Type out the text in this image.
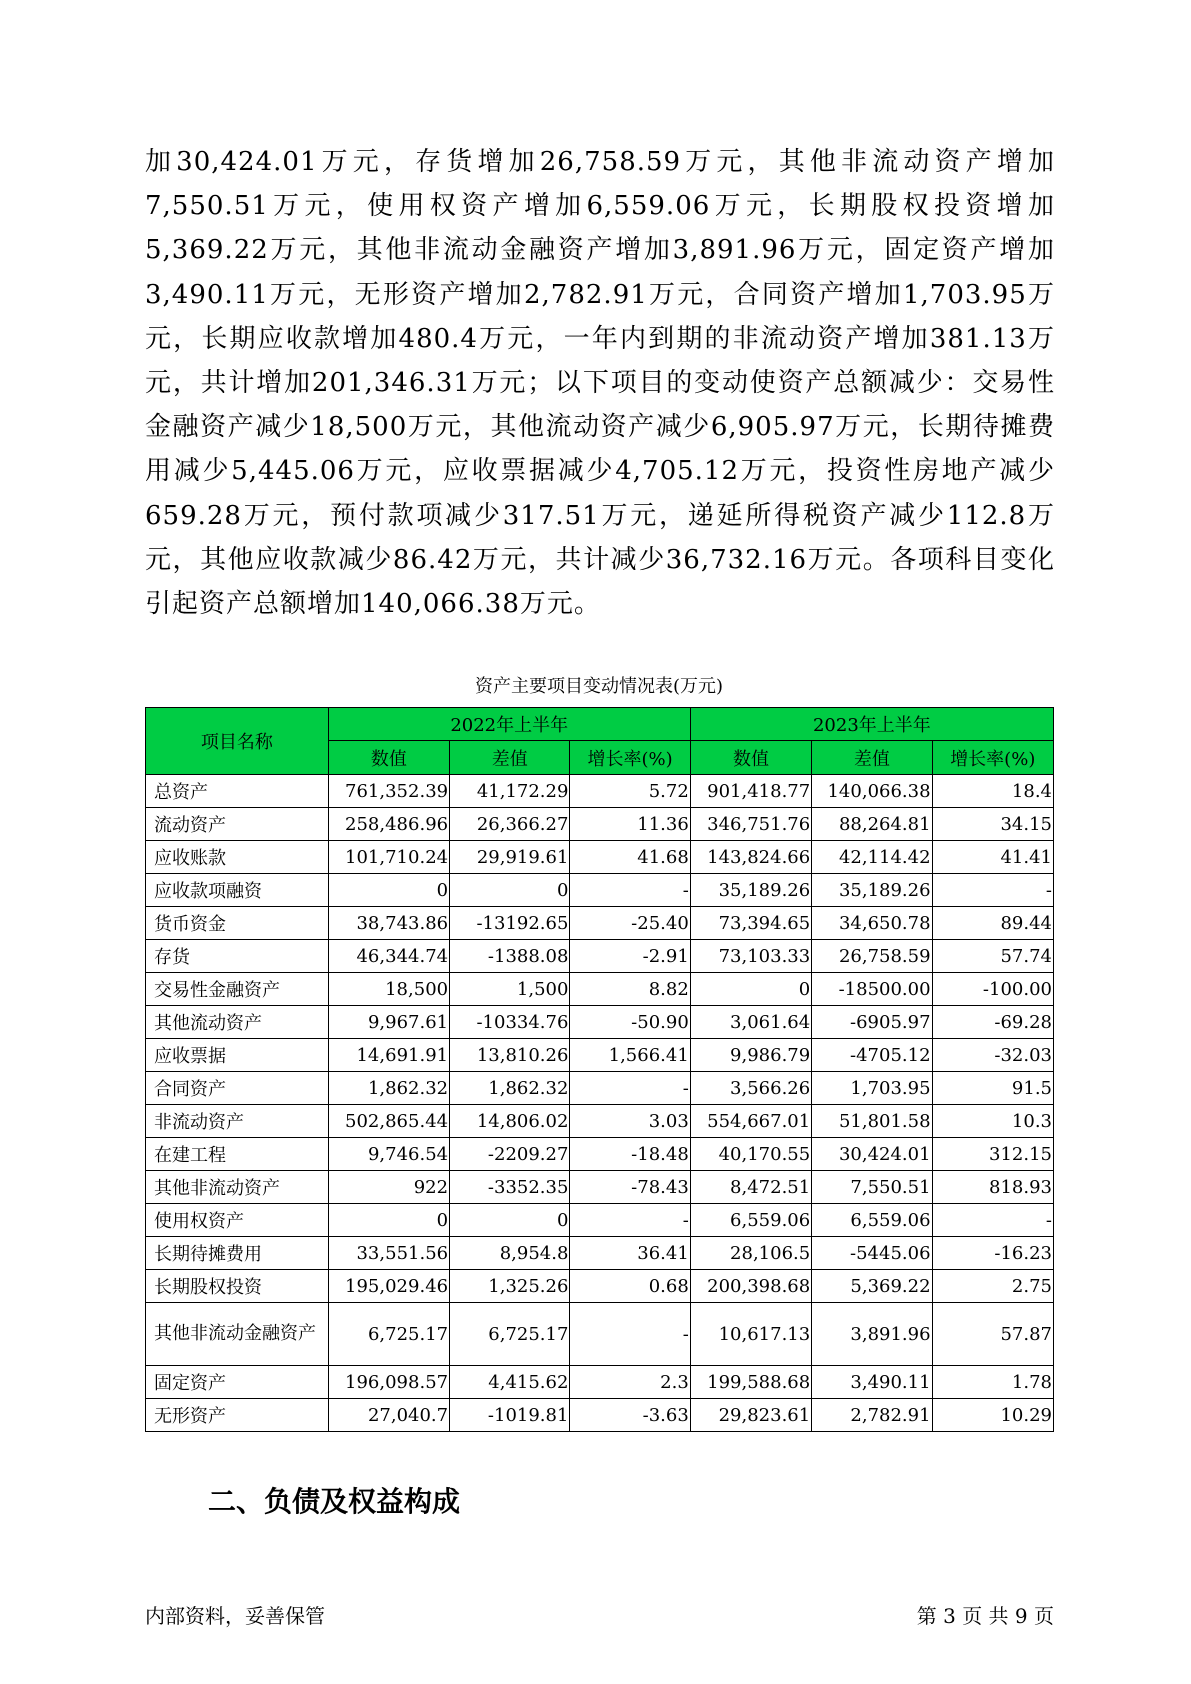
加30,424.01万元，存货增加26,758.59万元，其他非流动资产增加7,550.51万元，使用权资产增加6,559.06万元，长期股权投资增加5,369.22万元，其他非流动金融资产增加3,891.96万元，固定资产增加3,490.11万元，无形资产增加2,782.91万元，合同资产增加1,703.95万元，长期应收款增加480.4万元，一年内到期的非流动资产增加381.13万元，共计增加201,346.31万元；以下项目的变动使资产总额减少：交易性金融资产减少18,500万元，其他流动资产减少6,905.97万元，长期待摊费用减少5,445.06万元，应收票据减少4,705.12万元，投资性房地产减少659.28万元，预付款项减少317.51万元，递延所得税资产减少112.8万元，其他应收款减少86.42万元，共计减少36,732.16万元。各项科目变化引起资产总额增加140,066.38万元。

资产主要项目变动情况表(万元)
项目名称	2022年上半年			2023年上半年		
	数值	差值	增长率(%)	数值	差值	增长率(%)
总资产	761,352.39	41,172.29	5.72	901,418.77	140,066.38	18.4
流动资产	258,486.96	26,366.27	11.36	346,751.76	88,264.81	34.15
应收账款	101,710.24	29,919.61	41.68	143,824.66	42,114.42	41.41
应收款项融资	0	0	-	35,189.26	35,189.26	-
货币资金	38,743.86	-13192.65	-25.40	73,394.65	34,650.78	89.44
存货	46,344.74	-1388.08	-2.91	73,103.33	26,758.59	57.74
交易性金融资产	18,500	1,500	8.82	0	-18500.00	-100.00
其他流动资产	9,967.61	-10334.76	-50.90	3,061.64	-6905.97	-69.28
应收票据	14,691.91	13,810.26	1,566.41	9,986.79	-4705.12	-32.03
合同资产	1,862.32	1,862.32	-	3,566.26	1,703.95	91.5
非流动资产	502,865.44	14,806.02	3.03	554,667.01	51,801.58	10.3
在建工程	9,746.54	-2209.27	-18.48	40,170.55	30,424.01	312.15
其他非流动资产	922	-3352.35	-78.43	8,472.51	7,550.51	818.93
使用权资产	0	0	-	6,559.06	6,559.06	-
长期待摊费用	33,551.56	8,954.8	36.41	28,106.5	-5445.06	-16.23
长期股权投资	195,029.46	1,325.26	0.68	200,398.68	5,369.22	2.75
其他非流动金融资产	6,725.17	6,725.17	-	10,617.13	3,891.96	57.87
固定资产	196,098.57	4,415.62	2.3	199,588.68	3,490.11	1.78
无形资产	27,040.7	-1019.81	-3.63	29,823.61	2,782.91	10.29
二、负债及权益构成
内部资料，妥善保管	第 3 页 共 9 页
